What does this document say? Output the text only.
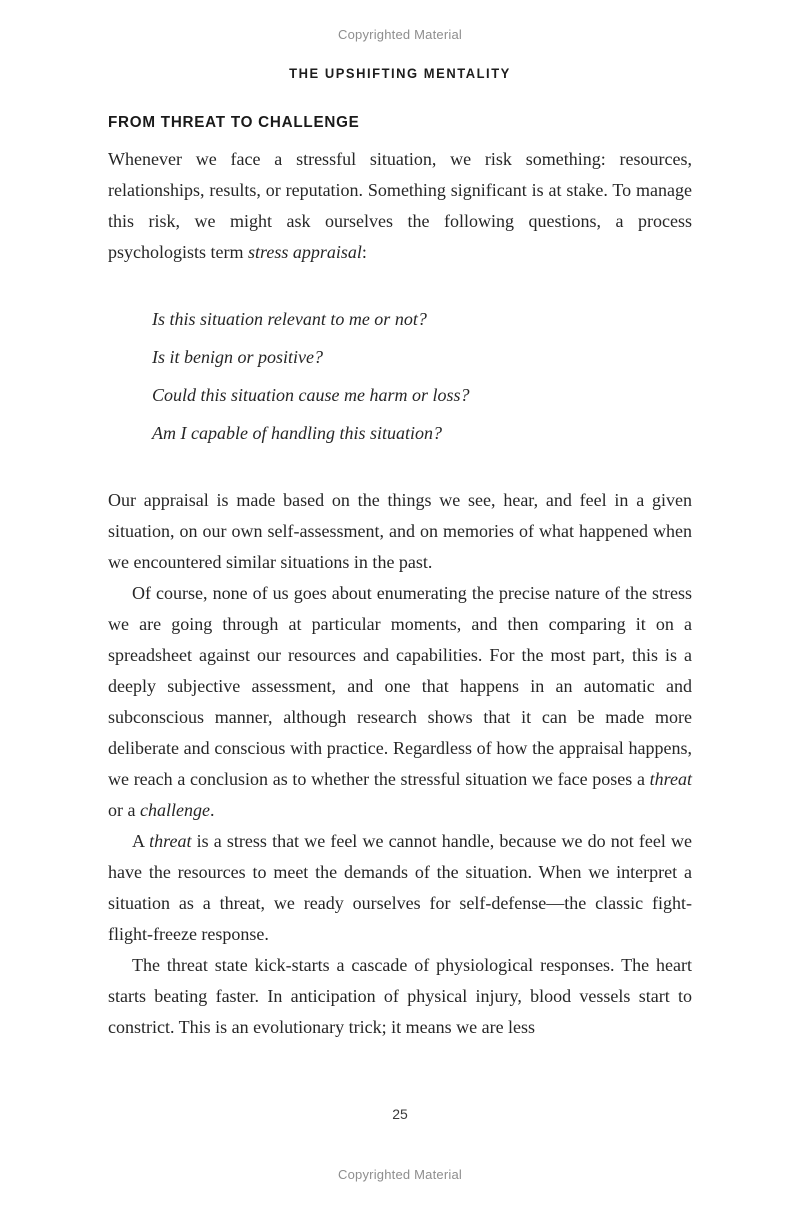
Copyrighted Material
THE UPSHIFTING MENTALITY
FROM THREAT TO CHALLENGE

Whenever we face a stressful situation, we risk something: resources, relationships, results, or reputation. Something significant is at stake. To manage this risk, we might ask ourselves the following questions, a process psychologists term stress appraisal:

Is this situation relevant to me or not?

Is it benign or positive?

Could this situation cause me harm or loss?

Am I capable of handling this situation?

Our appraisal is made based on the things we see, hear, and feel in a given situation, on our own self-assessment, and on memories of what happened when we encountered similar situations in the past.

Of course, none of us goes about enumerating the precise nature of the stress we are going through at particular moments, and then comparing it on a spreadsheet against our resources and capabilities. For the most part, this is a deeply subjective assessment, and one that happens in an automatic and subconscious manner, although research shows that it can be made more deliberate and conscious with practice. Regardless of how the appraisal happens, we reach a conclusion as to whether the stressful situation we face poses a threat or a challenge.

A threat is a stress that we feel we cannot handle, because we do not feel we have the resources to meet the demands of the situation. When we interpret a situation as a threat, we ready ourselves for self-defense—the classic fight-flight-freeze response.

The threat state kick-starts a cascade of physiological responses. The heart starts beating faster. In anticipation of physical injury, blood vessels start to constrict. This is an evolutionary trick; it means we are less

25
Copyrighted Material
